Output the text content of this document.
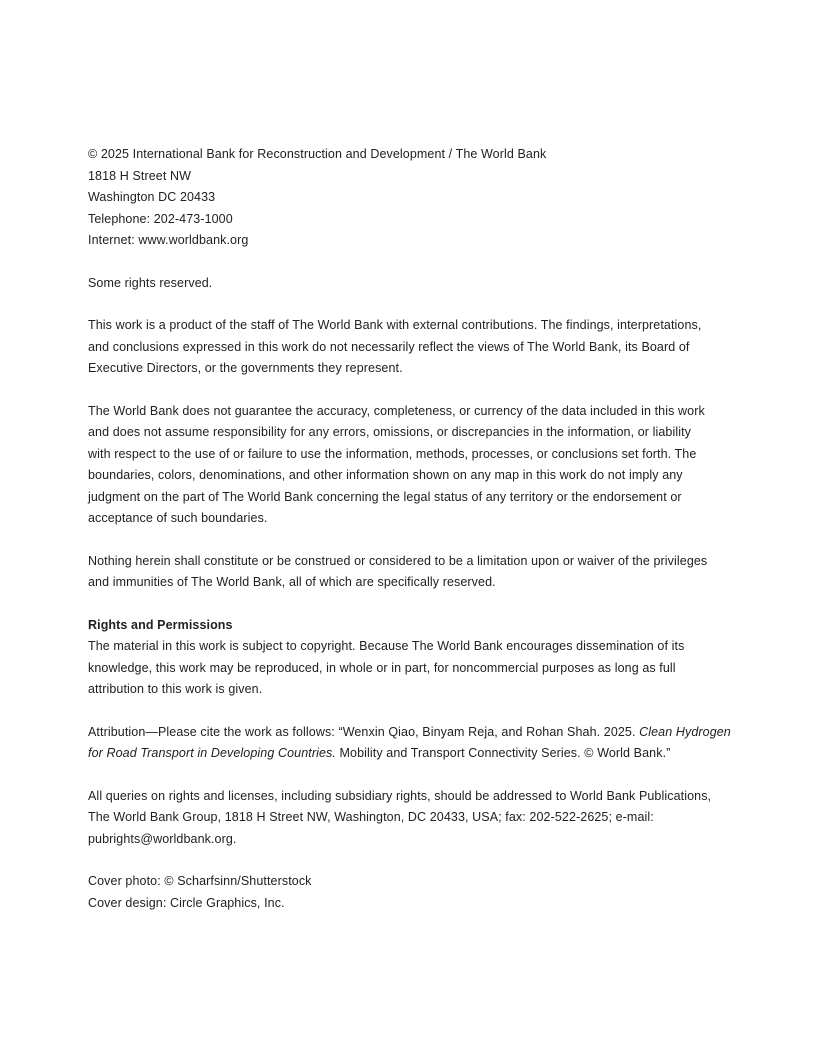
© 2025 International Bank for Reconstruction and Development / The World Bank
1818 H Street NW
Washington DC 20433
Telephone: 202-473-1000
Internet: www.worldbank.org
Some rights reserved.
This work is a product of the staff of The World Bank with external contributions. The findings, interpretations,
and conclusions expressed in this work do not necessarily reflect the views of The World Bank, its Board of
Executive Directors, or the governments they represent.
The World Bank does not guarantee the accuracy, completeness, or currency of the data included in this work
and does not assume responsibility for any errors, omissions, or discrepancies in the information, or liability
with respect to the use of or failure to use the information, methods, processes, or conclusions set forth. The
boundaries, colors, denominations, and other information shown on any map in this work do not imply any
judgment on the part of The World Bank concerning the legal status of any territory or the endorsement or
acceptance of such boundaries.
Nothing herein shall constitute or be construed or considered to be a limitation upon or waiver of the privileges
and immunities of The World Bank, all of which are specifically reserved.
Rights and Permissions
The material in this work is subject to copyright. Because The World Bank encourages dissemination of its
knowledge, this work may be reproduced, in whole or in part, for noncommercial purposes as long as full
attribution to this work is given.
Attribution—Please cite the work as follows: “Wenxin Qiao, Binyam Reja, and Rohan Shah. 2025. Clean Hydrogen
for Road Transport in Developing Countries. Mobility and Transport Connectivity Series. © World Bank.”
All queries on rights and licenses, including subsidiary rights, should be addressed to World Bank Publications,
The World Bank Group, 1818 H Street NW, Washington, DC 20433, USA; fax: 202-522-2625; e-mail:
pubrights@worldbank.org.
Cover photo: © Scharfsinn/Shutterstock
Cover design: Circle Graphics, Inc.
